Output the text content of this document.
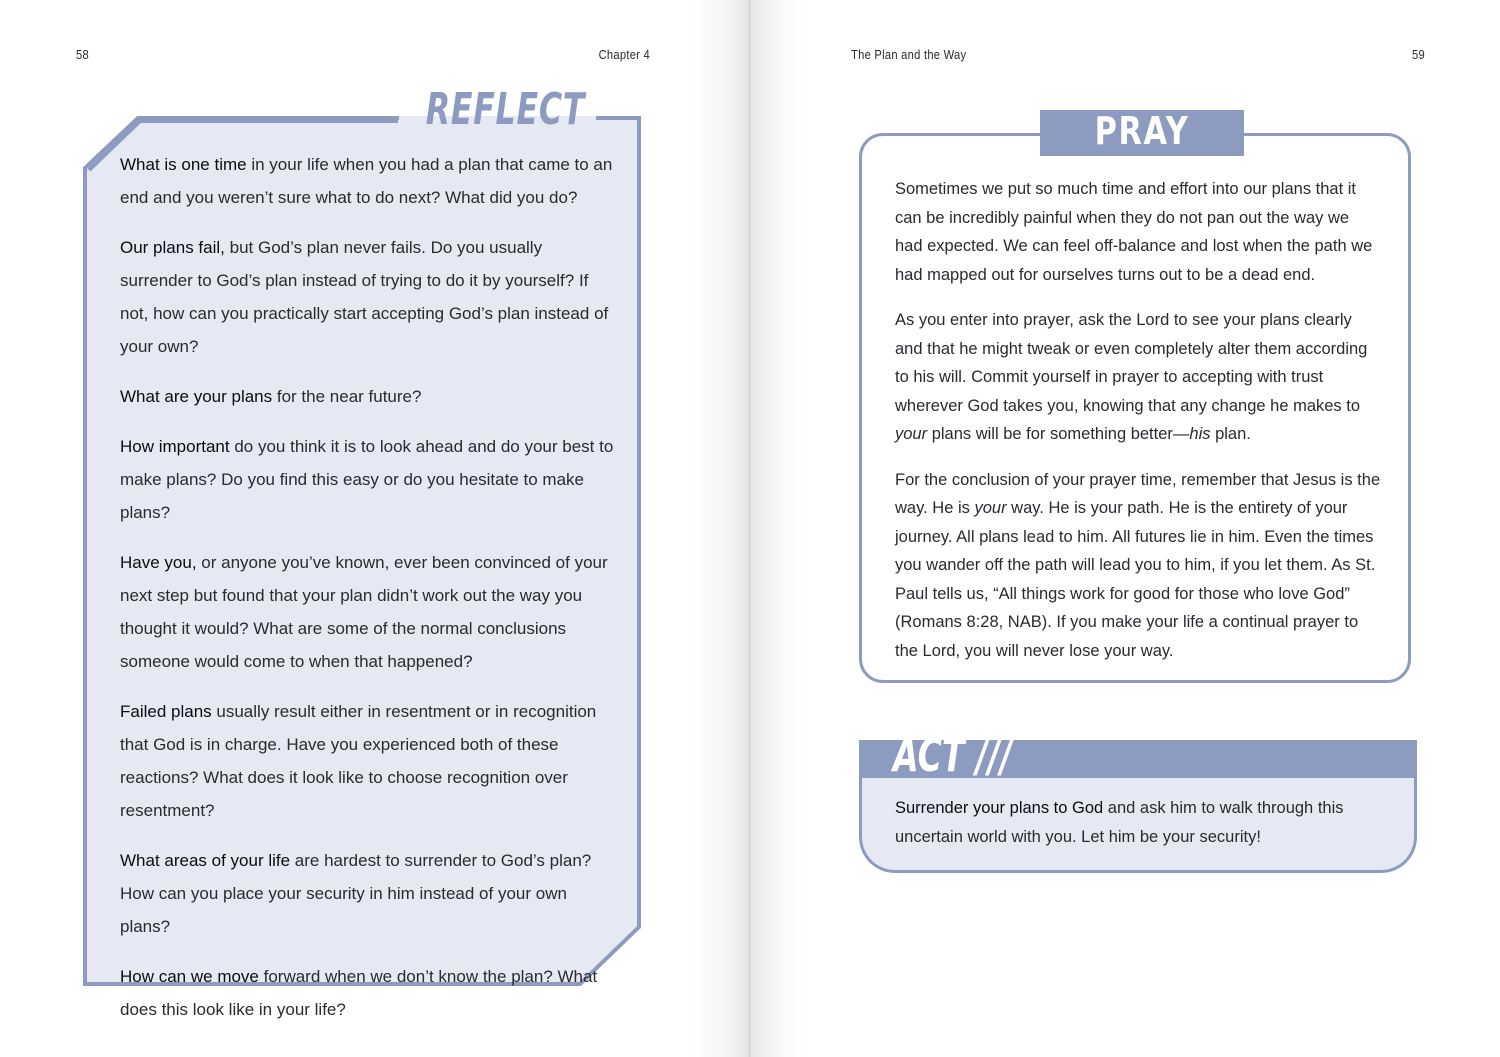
58	Chapter 4
REFLECT

What is one time in your life when you had a plan that came to an end and you weren’t sure what to do next? What did you do?

Our plans fail, but God’s plan never fails. Do you usually surrender to God’s plan instead of trying to do it by yourself? If not, how can you practically start accepting God’s plan instead of your own?

What are your plans for the near future?

How important do you think it is to look ahead and do your best to make plans? Do you find this easy or do you hesitate to make plans?

Have you, or anyone you’ve known, ever been convinced of your next step but found that your plan didn’t work out the way you thought it would? What are some of the normal conclusions someone would come to when that happened?

Failed plans usually result either in resentment or in recognition that God is in charge. Have you experienced both of these reactions? What does it look like to choose recognition over resentment?

What areas of your life are hardest to surrender to God’s plan? How can you place your security in him instead of your own plans?

How can we move forward when we don’t know the plan? What does this look like in your life?

The Plan and the Way	59
PRAY

Sometimes we put so much time and effort into our plans that it can be incredibly painful when they do not pan out the way we had expected. We can feel off-balance and lost when the path we had mapped out for ourselves turns out to be a dead end.

As you enter into prayer, ask the Lord to see your plans clearly and that he might tweak or even completely alter them according to his will. Commit yourself in prayer to accepting with trust wherever God takes you, knowing that any change he makes to your plans will be for something better—his plan.

For the conclusion of your prayer time, remember that Jesus is the way. He is your way. He is your path. He is the entirety of your journey. All plans lead to him. All futures lie in him. Even the times you wander off the path will lead you to him, if you let them. As St. Paul tells us, “All things work for good for those who love God” (Romans 8:28, NAB). If you make your life a continual prayer to the Lord, you will never lose your way.

ACT ///
Surrender your plans to God and ask him to walk through this uncertain world with you. Let him be your security!
